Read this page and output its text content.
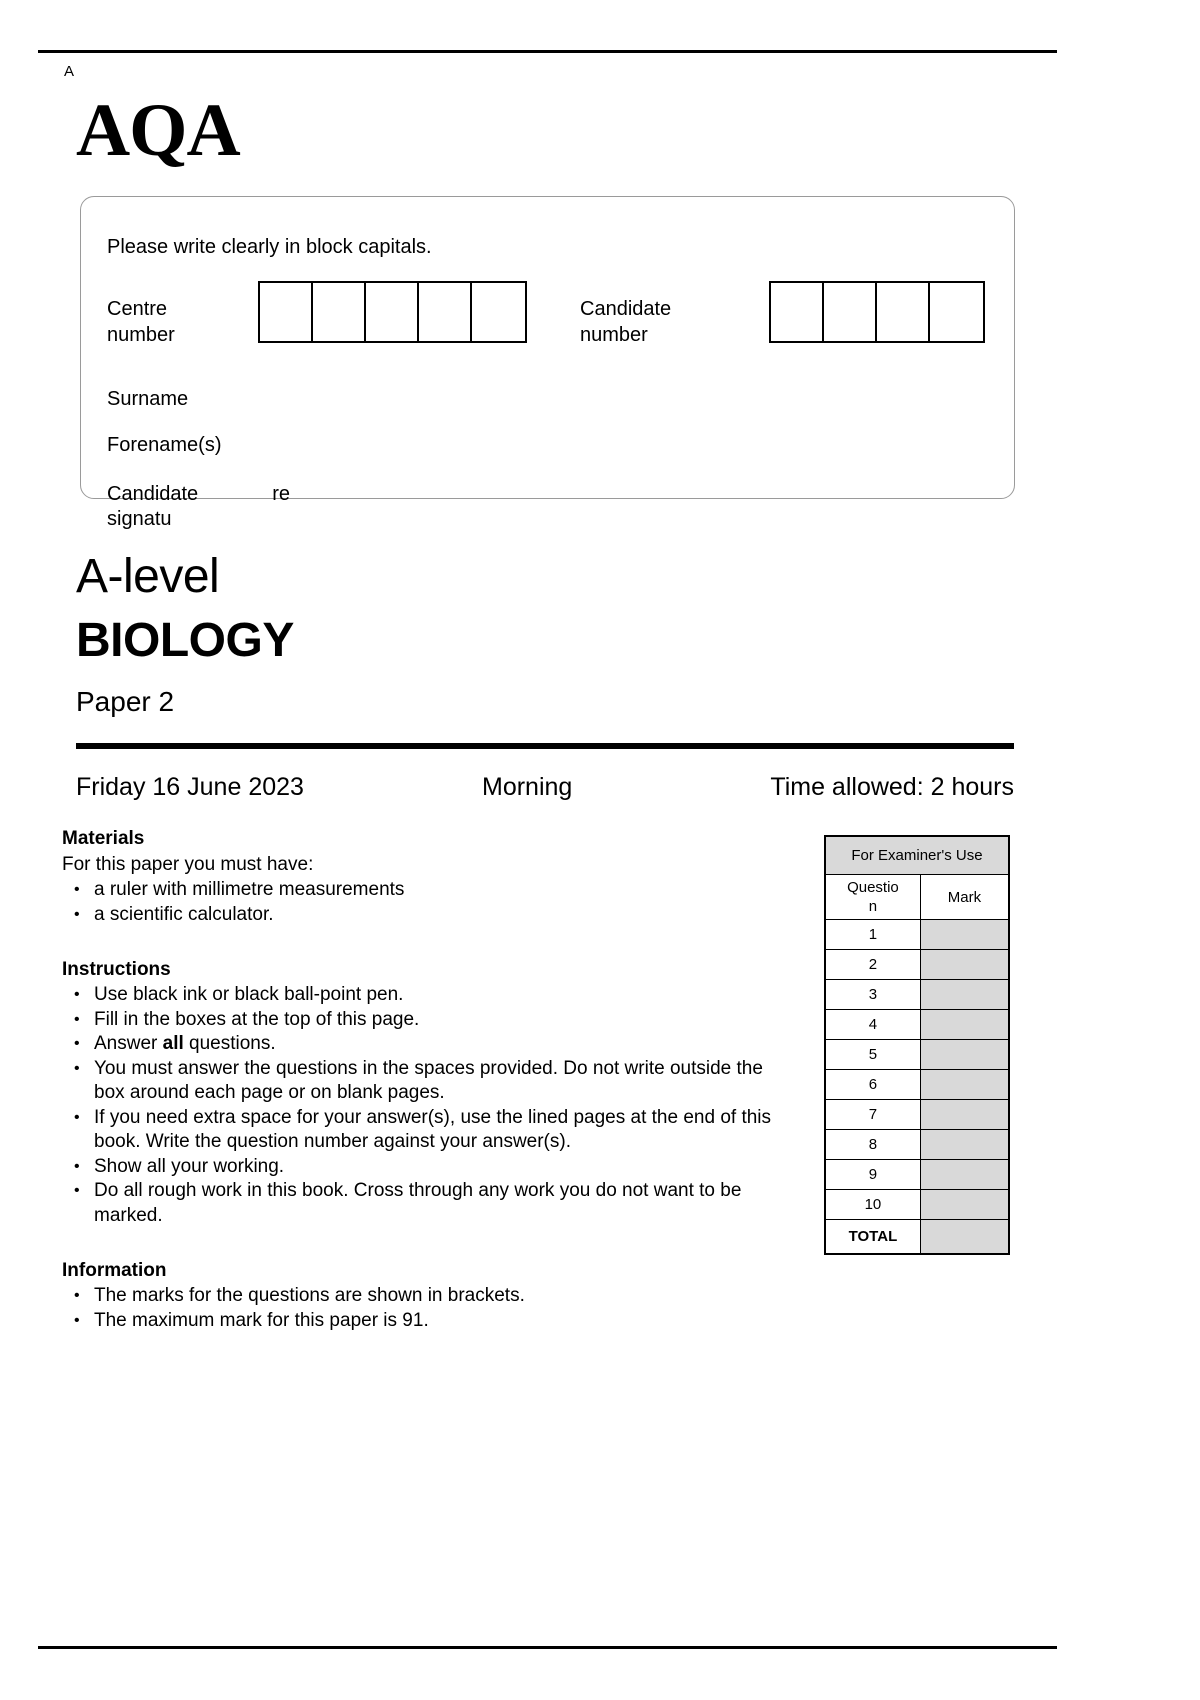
A
AQA
Please write clearly in block capitals.
Centre
number
Candidate
number
Surname
Forename(s)
Candidate	re
signatu
A-level
BIOLOGY
Paper 2
Friday 16 June 2023	Morning	Time allowed: 2 hours
Materials
For this paper you must have:
• a ruler with millimetre measurements
• a scientific calculator.
Instructions
• Use black ink or black ball-point pen.
• Fill in the boxes at the top of this page.
• Answer all questions.
• You must answer the questions in the spaces provided. Do not write outside the box around each page or on blank pages.
• If you need extra space for your answer(s), use the lined pages at the end of this book. Write the question number against your answer(s).
• Show all your working.
• Do all rough work in this book. Cross through any work you do not want to be marked.
Information
• The marks for the questions are shown in brackets.
• The maximum mark for this paper is 91.
For Examiner's Use	

Question	Mark
1	
2	
3	
4	
5	
6	
7	
8	
9	
10	
TOTAL	
